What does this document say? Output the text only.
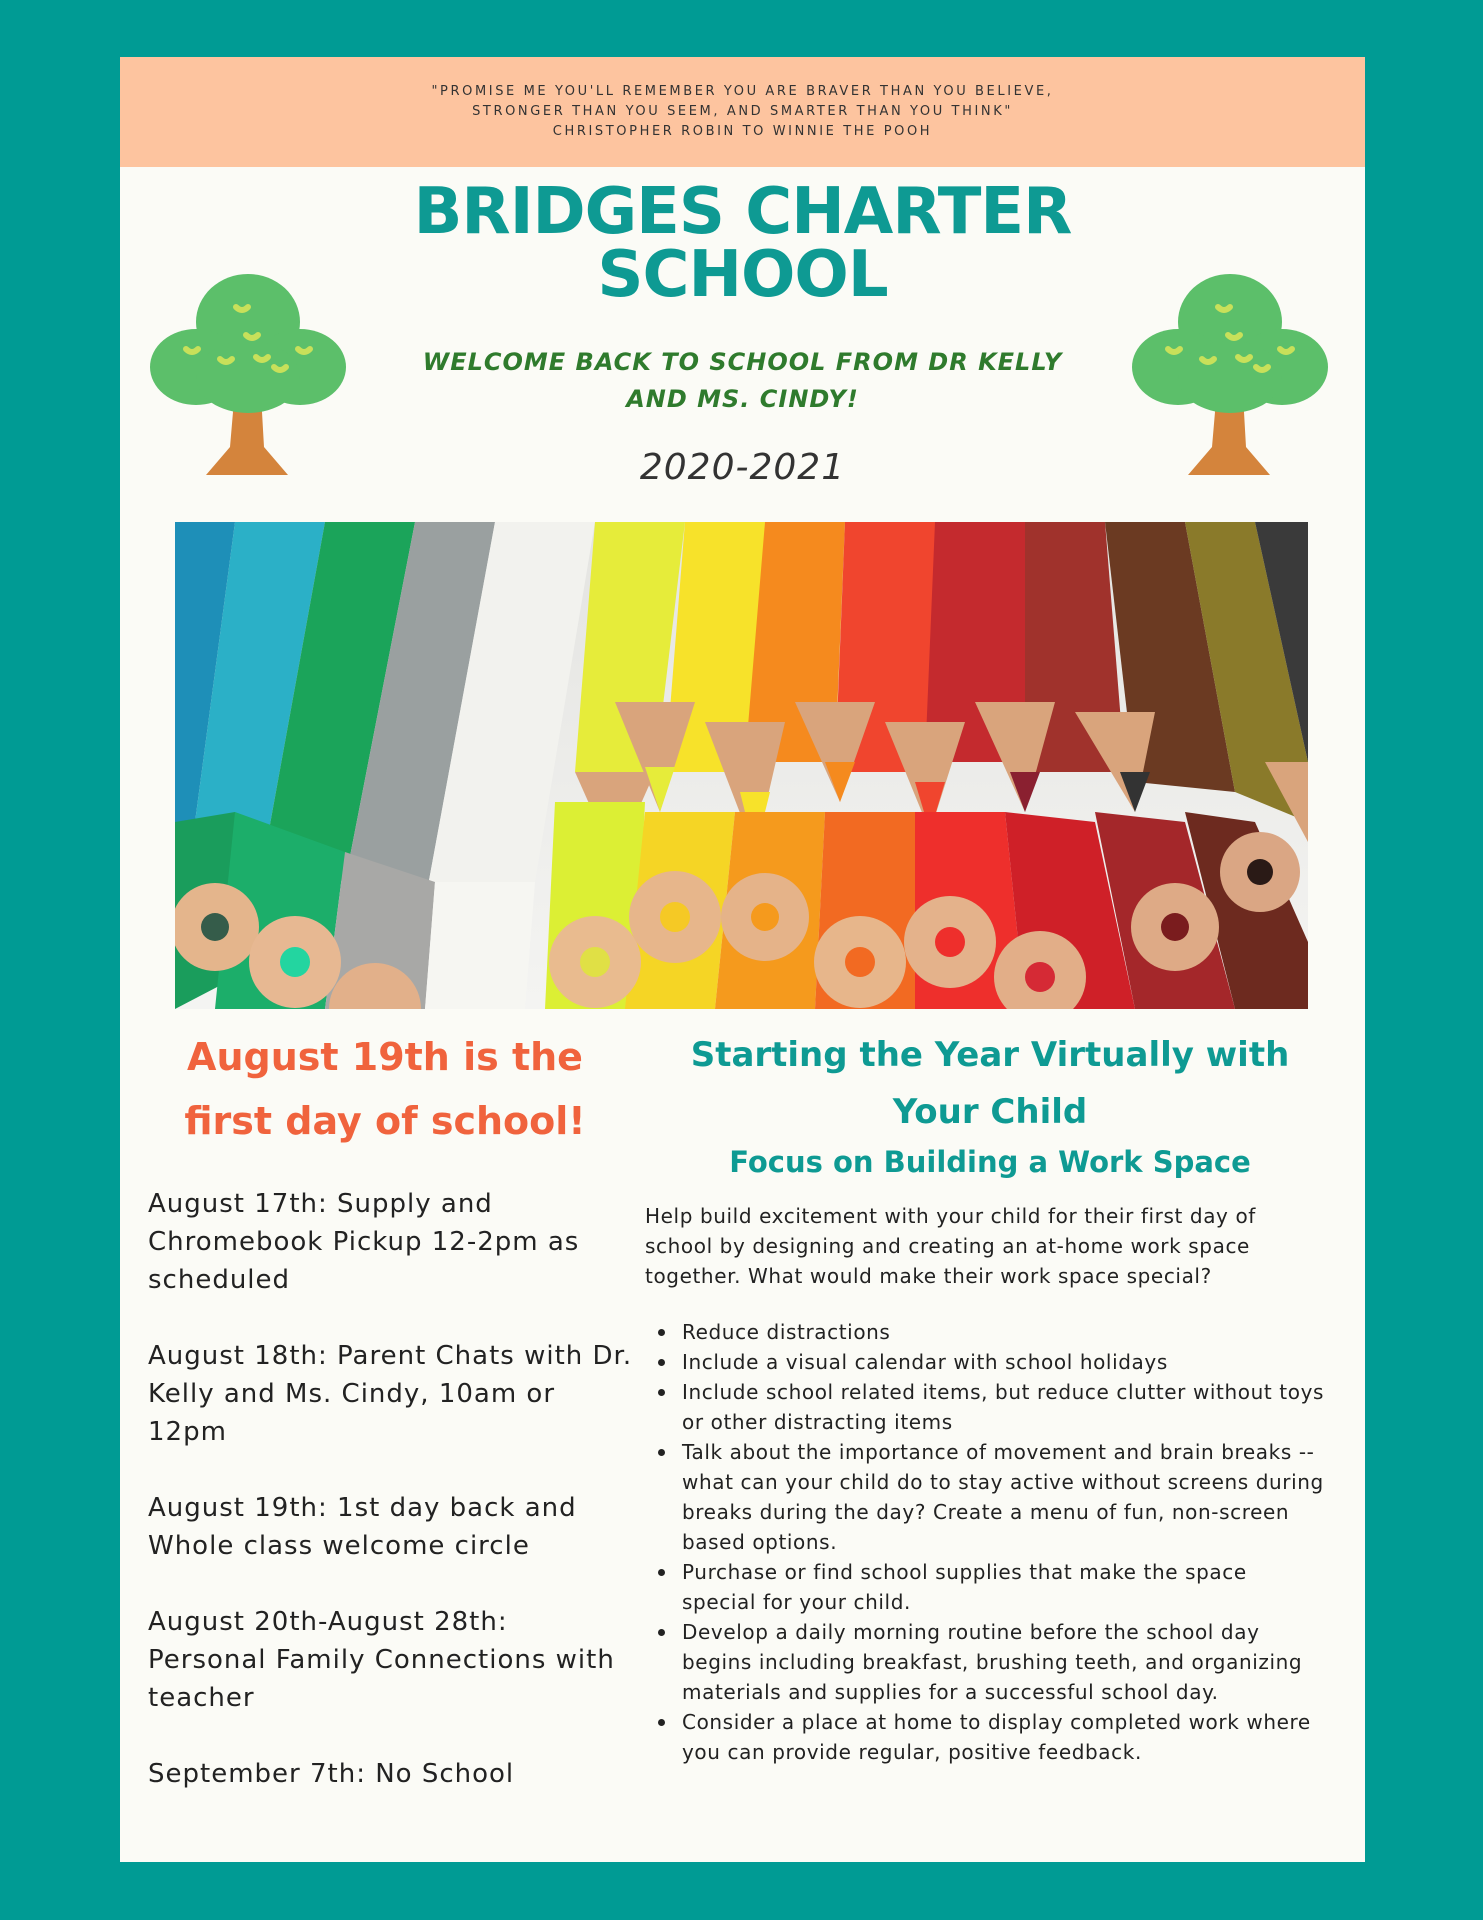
"PROMISE ME YOU'LL REMEMBER YOU ARE BRAVER THAN YOU BELIEVE,
STRONGER THAN YOU SEEM, AND SMARTER THAN YOU THINK"
CHRISTOPHER ROBIN TO WINNIE THE POOH
BRIDGES CHARTER
SCHOOL
WELCOME BACK TO SCHOOL FROM DR KELLY
AND MS. CINDY!
2020-2021
August 19th is the
first day of school!
August 17th: Supply and Chromebook Pickup 12-2pm as scheduled
August 18th: Parent Chats with Dr. Kelly and Ms. Cindy, 10am or 12pm
August 19th: 1st day back and Whole class welcome circle
August 20th-August 28th: Personal Family Connections with teacher
September 7th: No School
Starting the Year Virtually with
Your Child
Focus on Building a Work Space
Help build excitement with your child for their first day of school by designing and creating an at-home work space together. What would make their work space special?
Reduce distractions
Include a visual calendar with school holidays
Include school related items, but reduce clutter without toys or other distracting items
Talk about the importance of movement and brain breaks -- what can your child do to stay active without screens during breaks during the day? Create a menu of fun, non-screen based options.
Purchase or find school supplies that make the space special for your child.
Develop a daily morning routine before the school day begins including breakfast, brushing teeth, and organizing materials and supplies for a successful school day.
Consider a place at home to display completed work where you can provide regular, positive feedback.
